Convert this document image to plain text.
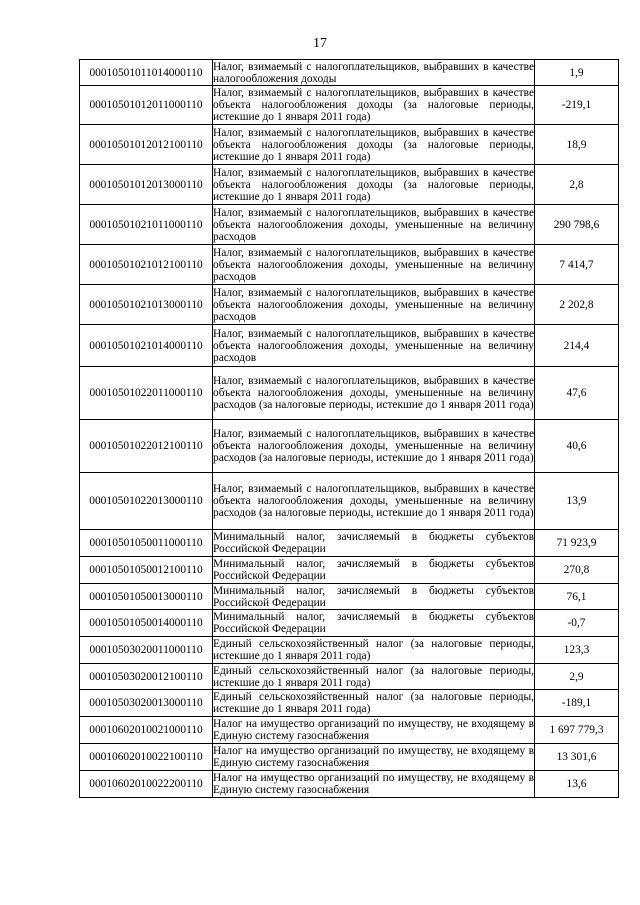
17
00010501011014000110	Налог, взимаемый с налогоплательщиков, выбравших в качестве налогообложения доходы	1,9
00010501012011000110	Налог, взимаемый с налогоплательщиков, выбравших в качестве объекта налогообложения доходы (за налоговые периоды, истекшие до 1 января 2011 года)	-219,1
00010501012012100110	Налог, взимаемый с налогоплательщиков, выбравших в качестве объекта налогообложения доходы (за налоговые периоды, истекшие до 1 января 2011 года)	18,9
00010501012013000110	Налог, взимаемый с налогоплательщиков, выбравших в качестве объекта налогообложения доходы (за налоговые периоды, истекшие до 1 января 2011 года)	2,8
00010501021011000110	Налог, взимаемый с налогоплательщиков, выбравших в качестве объекта налогообложения доходы, уменьшенные на величину расходов	290 798,6
00010501021012100110	Налог, взимаемый с налогоплательщиков, выбравших в качестве объекта налогообложения доходы, уменьшенные на величину расходов	7 414,7
00010501021013000110	Налог, взимаемый с налогоплательщиков, выбравших в качестве объекта налогообложения доходы, уменьшенные на величину расходов	2 202,8
00010501021014000110	Налог, взимаемый с налогоплательщиков, выбравших в качестве объекта налогообложения доходы, уменьшенные на величину расходов	214,4
00010501022011000110	Налог, взимаемый с налогоплательщиков, выбравших в качестве объекта налогообложения доходы, уменьшенные на величину расходов (за налоговые периоды, истекшие до 1 января 2011 года)	47,6
00010501022012100110	Налог, взимаемый с налогоплательщиков, выбравших в качестве объекта налогообложения доходы, уменьшенные на величину расходов (за налоговые периоды, истекшие до 1 января 2011 года)	40,6
00010501022013000110	Налог, взимаемый с налогоплательщиков, выбравших в качестве объекта налогообложения доходы, уменьшенные на величину расходов (за налоговые периоды, истекшие до 1 января 2011 года)	13,9
00010501050011000110	Минимальный налог, зачисляемый в бюджеты субъектов Российской Федерации	71 923,9
00010501050012100110	Минимальный налог, зачисляемый в бюджеты субъектов Российской Федерации	270,8
00010501050013000110	Минимальный налог, зачисляемый в бюджеты субъектов Российской Федерации	76,1
00010501050014000110	Минимальный налог, зачисляемый в бюджеты субъектов Российской Федерации	-0,7
00010503020011000110	Единый сельскохозяйственный налог (за налоговые периоды, истекшие до 1 января 2011 года)	123,3
00010503020012100110	Единый сельскохозяйственный налог (за налоговые периоды, истекшие до 1 января 2011 года)	2,9
00010503020013000110	Единый сельскохозяйственный налог (за налоговые периоды, истекшие до 1 января 2011 года)	-189,1
00010602010021000110	Налог на имущество организаций по имуществу, не входящему в Единую систему газоснабжения	1 697 779,3
00010602010022100110	Налог на имущество организаций по имуществу, не входящему в Единую систему газоснабжения	13 301,6
00010602010022200110	Налог на имущество организаций по имуществу, не входящему в Единую систему газоснабжения	13,6
